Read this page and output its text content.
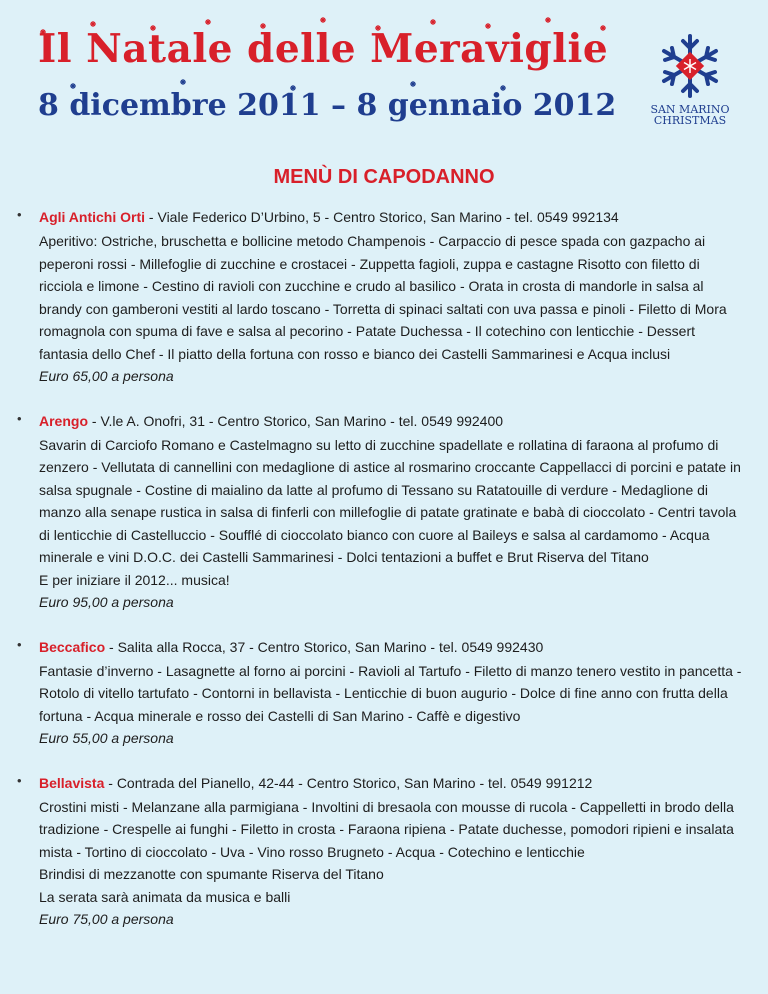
Il Natale delle Meraviglie
8 dicembre 2011 – 8 gennaio 2012	SAN MARINO
CHRISTMAS
MENÙ DI CAPODANNO
• Agli Antichi Orti - Viale Federico D’Urbino, 5 - Centro Storico, San Marino - tel. 0549 992134
Aperitivo: Ostriche, bruschetta e bollicine metodo Champenois - Carpaccio di pesce spada con gazpacho ai peperoni rossi - Millefoglie di zucchine e crostacei - Zuppetta fagioli, zuppa e castagne Risotto con filetto di ricciola e limone - Cestino di ravioli con zucchine e crudo al basilico - Orata in crosta di mandorle in salsa al brandy con gamberoni vestiti al lardo toscano - Torretta di spinaci saltati con uva passa e pinoli - Filetto di Mora romagnola con spuma di fave e salsa al pecorino - Patate Duchessa - Il cotechino con lenticchie - Dessert fantasia dello Chef - Il piatto della fortuna con rosso e bianco dei Castelli Sammarinesi e Acqua inclusi
Euro 65,00 a persona
• Arengo - V.le A. Onofri, 31 - Centro Storico, San Marino - tel. 0549 992400
Savarin di Carciofo Romano e Castelmagno su letto di zucchine spadellate e rollatina di faraona al profumo di zenzero - Vellutata di cannellini con medaglione di astice al rosmarino croccante Cappellacci di porcini e patate in salsa spugnale - Costine di maialino da latte al profumo di Tessano su Ratatouille di verdure - Medaglione di manzo alla senape rustica in salsa di finferli con millefoglie di patate gratinate e babà di cioccolato - Centri tavola di lenticchie di Castelluccio - Soufflé di cioccolato bianco con cuore al Baileys e salsa al cardamomo - Acqua minerale e vini D.O.C. dei Castelli Sammarinesi - Dolci tentazioni a buffet e Brut Riserva del Titano
E per iniziare il 2012... musica!
Euro 95,00 a persona
• Beccafico - Salita alla Rocca, 37 - Centro Storico, San Marino - tel. 0549 992430
Fantasie d’inverno - Lasagnette al forno ai porcini - Ravioli al Tartufo - Filetto di manzo tenero vestito in pancetta - Rotolo di vitello tartufato - Contorni in bellavista - Lenticchie di buon augurio - Dolce di fine anno con frutta della fortuna - Acqua minerale e rosso dei Castelli di San Marino - Caffè e digestivo
Euro 55,00 a persona
• Bellavista - Contrada del Pianello, 42-44 - Centro Storico, San Marino - tel. 0549 991212
Crostini misti - Melanzane alla parmigiana - Involtini di bresaola con mousse di rucola - Cappelletti in brodo della tradizione - Crespelle ai funghi - Filetto in crosta - Faraona ripiena - Patate duchesse, pomodori ripieni e insalata mista - Tortino di cioccolato - Uva - Vino rosso Brugneto - Acqua - Cotechino e lenticchie
Brindisi di mezzanotte con spumante Riserva del Titano
La serata sarà animata da musica e balli
Euro 75,00 a persona
